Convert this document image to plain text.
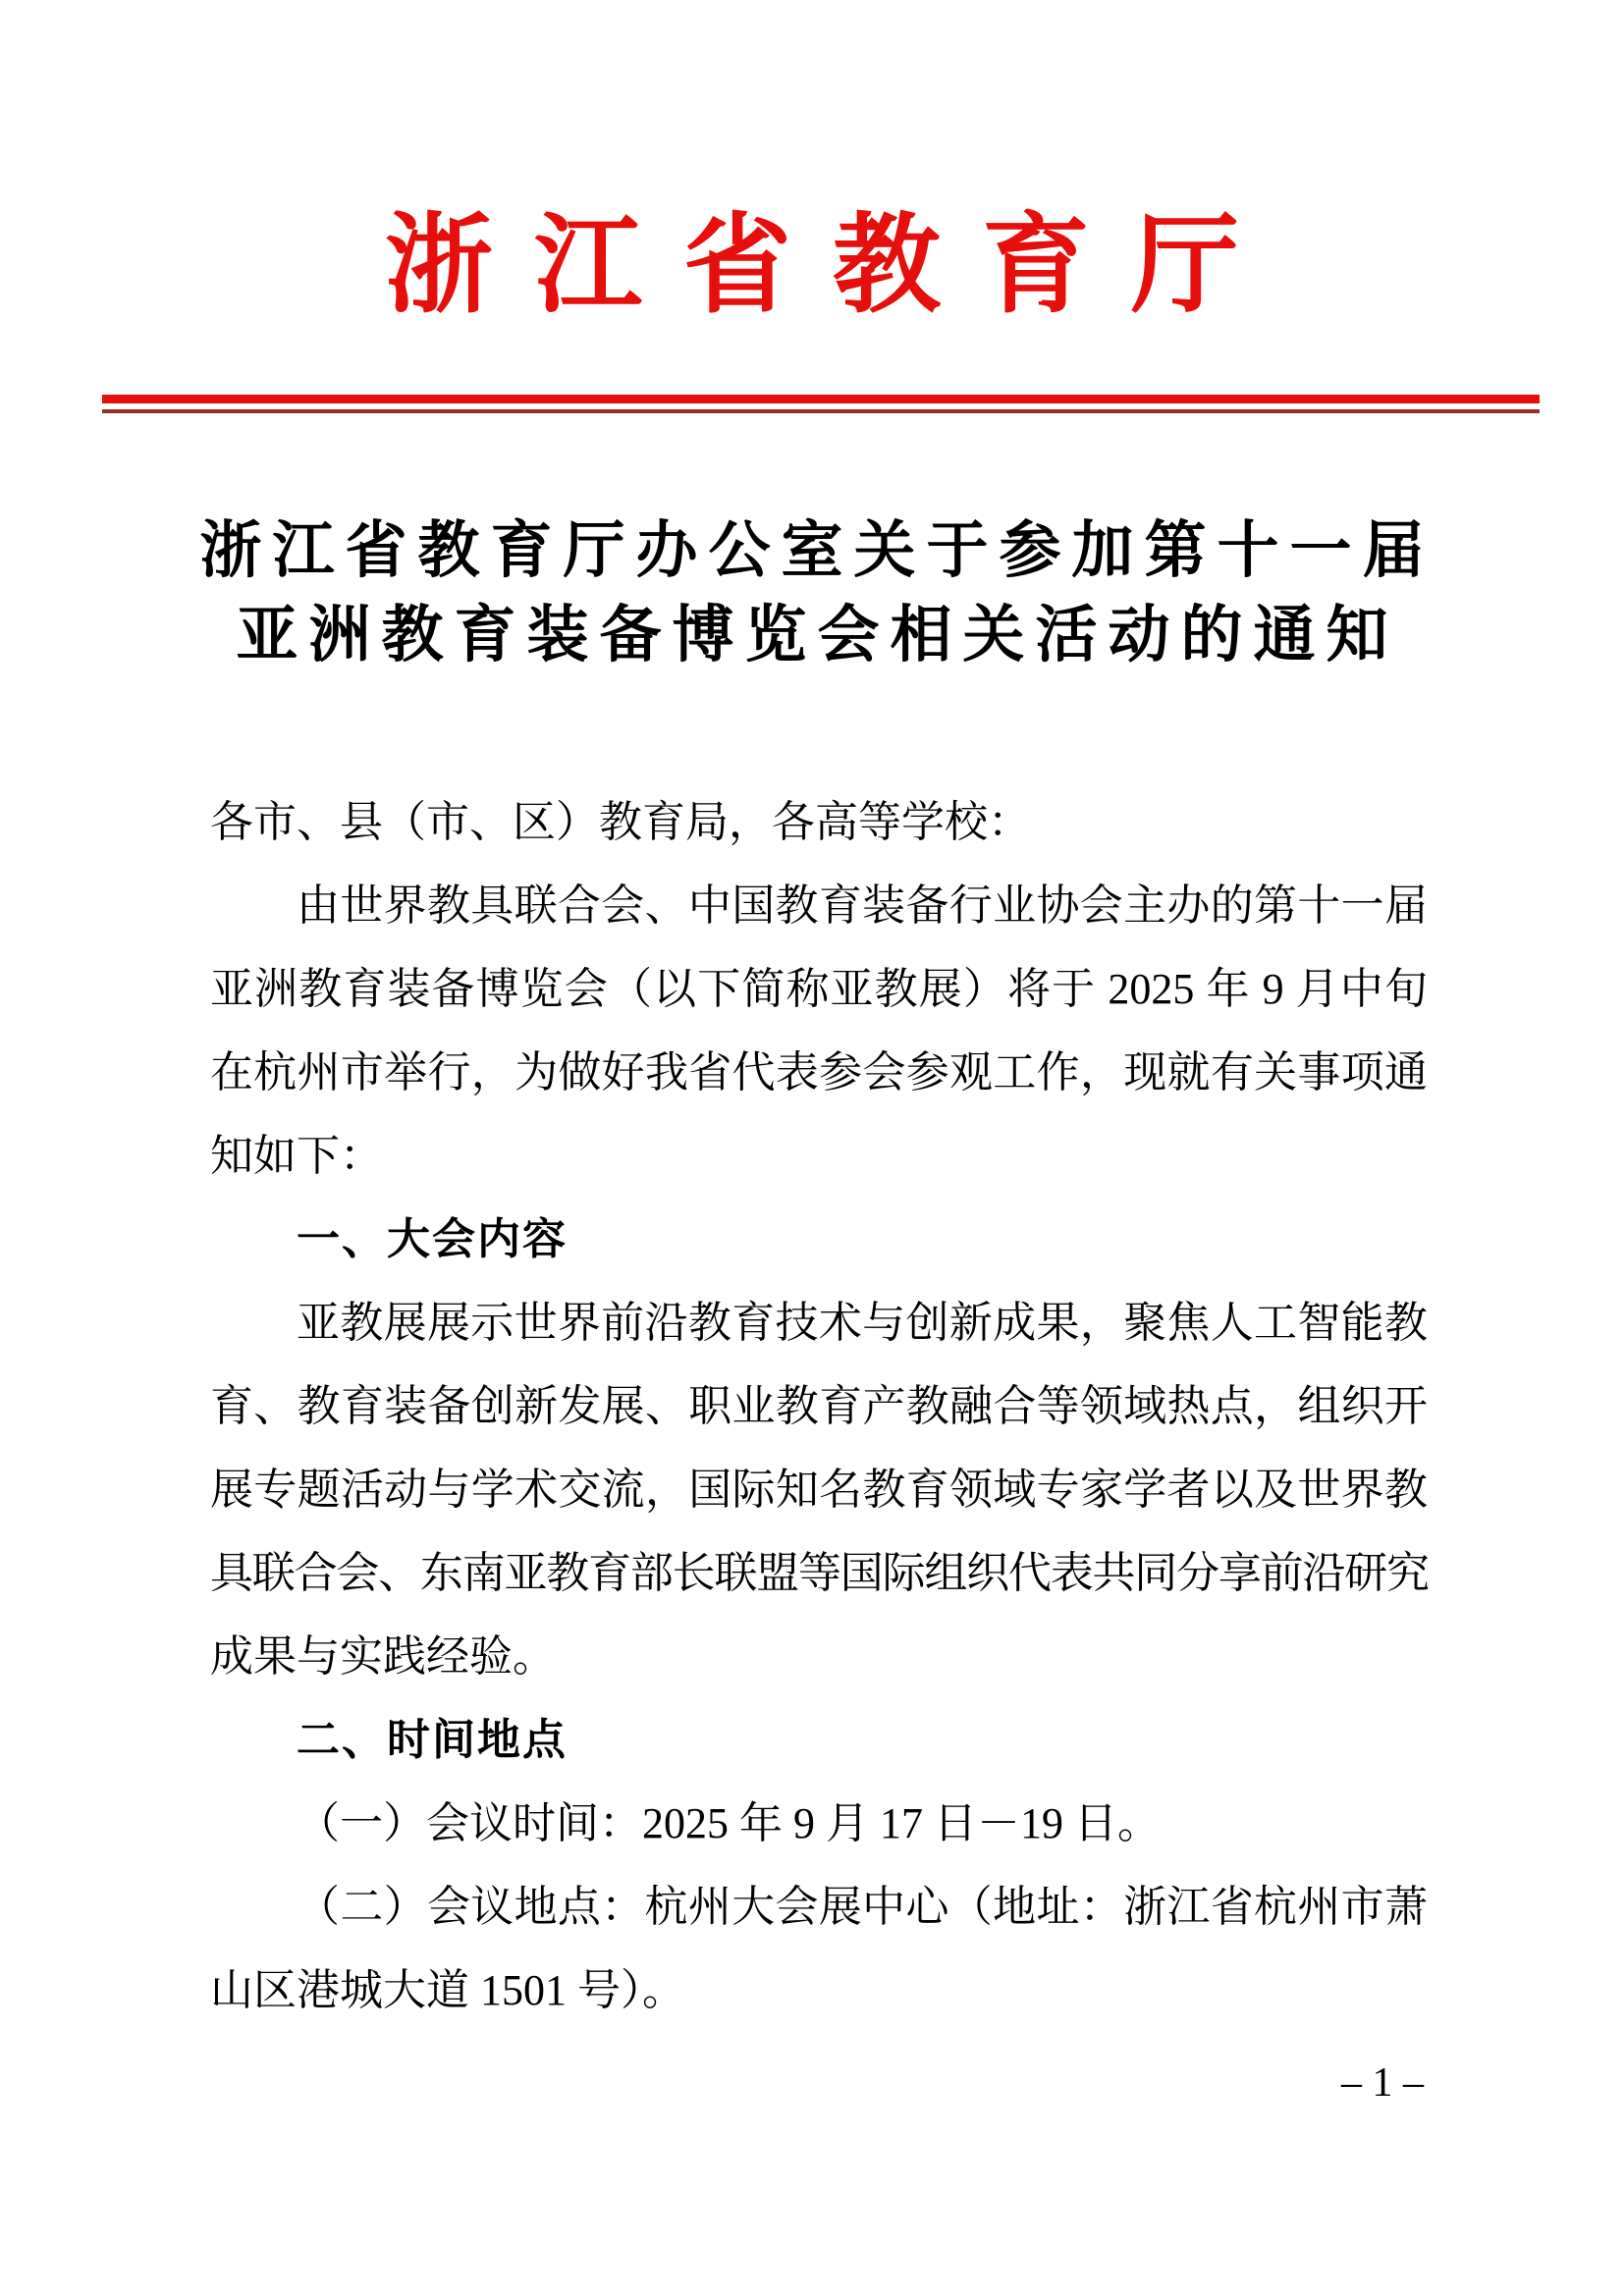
浙江省教育厅
浙江省教育厅办公室关于参加第十一届
亚洲教育装备博览会相关活动的通知
各市、县（市、区）教育局，各高等学校：
由世界教具联合会、中国教育装备行业协会主办的第十一届
亚洲教育装备博览会（以下简称亚教展）将于 2025 年 9 月中旬
在杭州市举行，为做好我省代表参会参观工作，现就有关事项通
知如下：
一、大会内容
亚教展展示世界前沿教育技术与创新成果，聚焦人工智能教
育、教育装备创新发展、职业教育产教融合等领域热点，组织开
展专题活动与学术交流，国际知名教育领域专家学者以及世界教
具联合会、东南亚教育部长联盟等国际组织代表共同分享前沿研究
成果与实践经验。
二、时间地点
（一）会议时间：2025 年 9 月 17 日－19 日。
（二）会议地点：杭州大会展中心（地址：浙江省杭州市萧
山区港城大道 1501 号）。
– 1 –
